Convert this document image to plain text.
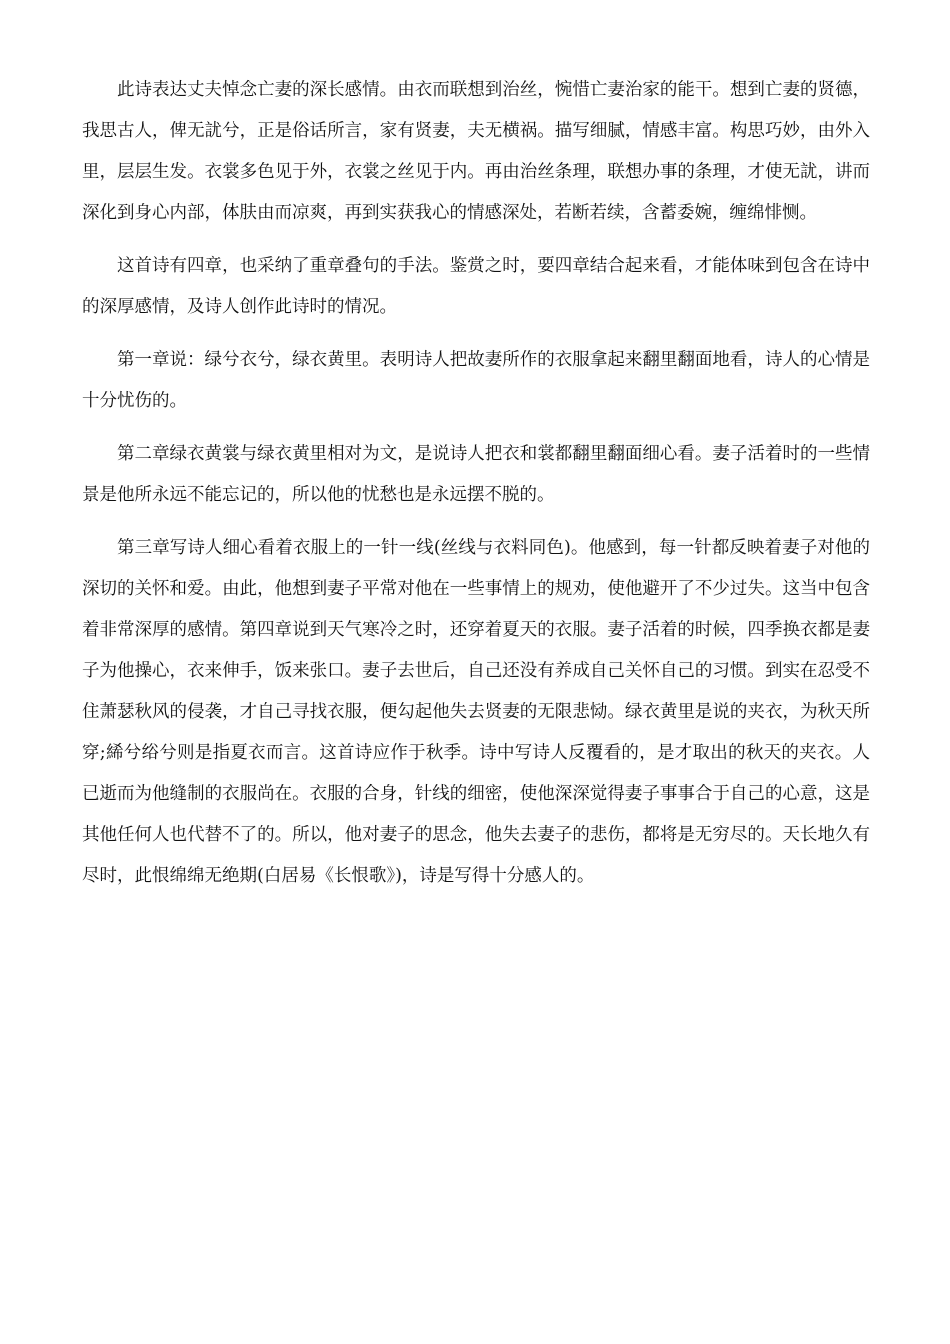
此诗表达丈夫悼念亡妻的深长感情。由衣而联想到治丝，惋惜亡妻治家的能干。想到亡妻的贤德，我思古人，俾无訧兮，正是俗话所言，家有贤妻，夫无横祸。描写细腻，情感丰富。构思巧妙，由外入里，层层生发。衣裳多色见于外，衣裳之丝见于内。再由治丝条理，联想办事的条理，才使无訧，讲而深化到身心内部，体肤由而凉爽，再到实获我心的情感深处，若断若续，含蓄委婉，缠绵悱恻。

这首诗有四章，也采纳了重章叠句的手法。鉴赏之时，要四章结合起来看，才能体味到包含在诗中的深厚感情，及诗人创作此诗时的情况。

第一章说：绿兮衣兮，绿衣黄里。表明诗人把故妻所作的衣服拿起来翻里翻面地看，诗人的心情是十分忧伤的。

第二章绿衣黄裳与绿衣黄里相对为文，是说诗人把衣和裳都翻里翻面细心看。妻子活着时的一些情景是他所永远不能忘记的，所以他的忧愁也是永远摆不脱的。

第三章写诗人细心看着衣服上的一针一线(丝线与衣料同色)。他感到，每一针都反映着妻子对他的深切的关怀和爱。由此，他想到妻子平常对他在一些事情上的规劝，使他避开了不少过失。这当中包含着非常深厚的感情。第四章说到天气寒冷之时，还穿着夏天的衣服。妻子活着的时候，四季换衣都是妻子为他操心，衣来伸手，饭来张口。妻子去世后，自己还没有养成自己关怀自己的习惯。到实在忍受不住萧瑟秋风的侵袭，才自己寻找衣服，便勾起他失去贤妻的无限悲恸。绿衣黄里是说的夹衣，为秋天所穿;絺兮绤兮则是指夏衣而言。这首诗应作于秋季。诗中写诗人反覆看的，是才取出的秋天的夹衣。人已逝而为他缝制的衣服尚在。衣服的合身，针线的细密，使他深深觉得妻子事事合于自己的心意，这是其他任何人也代替不了的。所以，他对妻子的思念，他失去妻子的悲伤，都将是无穷尽的。天长地久有尽时，此恨绵绵无绝期(白居易《长恨歌》)，诗是写得十分感人的。
